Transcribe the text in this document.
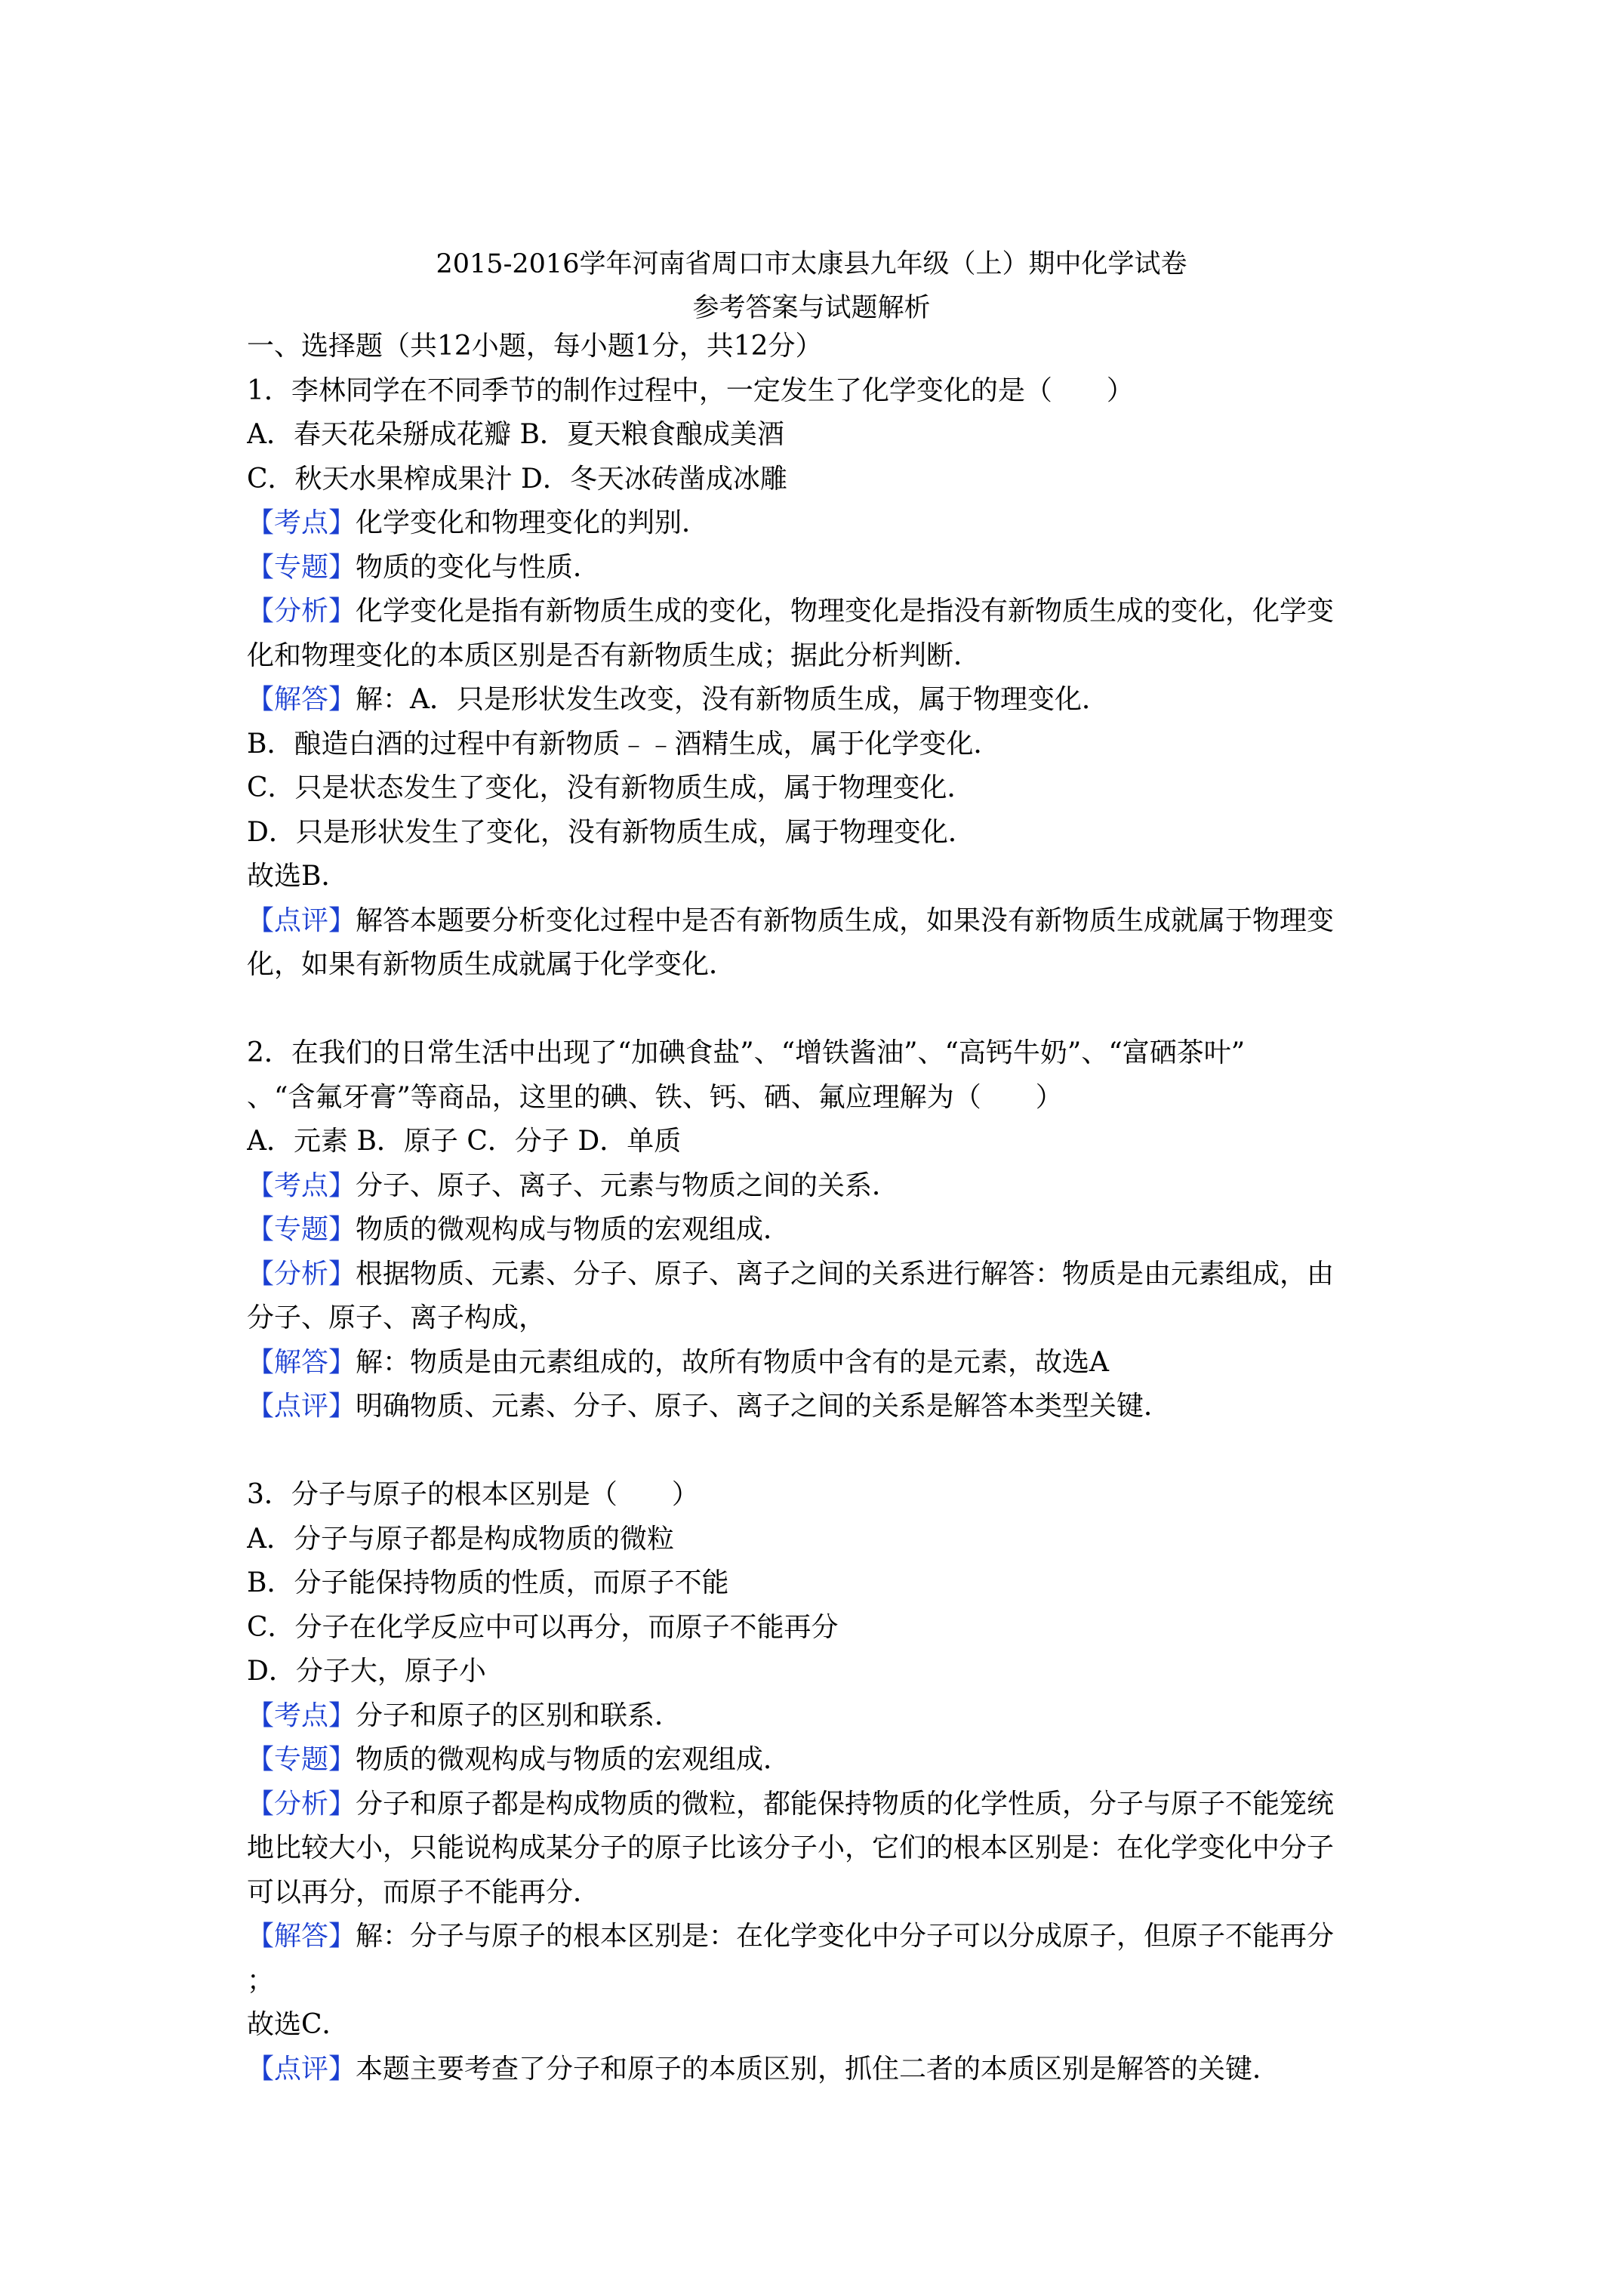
2015-2016学年河南省周口市太康县九年级（上）期中化学试卷
参考答案与试题解析
一、选择题（共12小题，每小题1分，共12分）
1．李林同学在不同季节的制作过程中，一定发生了化学变化的是（　　）
A．春天花朵掰成花瓣 B．夏天粮食酿成美酒
C．秋天水果榨成果汁 D．冬天冰砖凿成冰雕
【考点】化学变化和物理变化的判别．
【专题】物质的变化与性质．
【分析】化学变化是指有新物质生成的变化，物理变化是指没有新物质生成的变化，化学变
化和物理变化的本质区别是否有新物质生成；据此分析判断．
【解答】解：A．只是形状发生改变，没有新物质生成，属于物理变化．
B．酿造白酒的过程中有新物质﹣﹣酒精生成，属于化学变化．
C．只是状态发生了变化，没有新物质生成，属于物理变化．
D．只是形状发生了变化，没有新物质生成，属于物理变化．
故选B．
【点评】解答本题要分析变化过程中是否有新物质生成，如果没有新物质生成就属于物理变
化，如果有新物质生成就属于化学变化．
2．在我们的日常生活中出现了“加碘食盐”、“增铁酱油”、“高钙牛奶”、“富硒茶叶”
、“含氟牙膏”等商品，这里的碘、铁、钙、硒、氟应理解为（　　）
A．元素 B．原子 C．分子 D．单质
【考点】分子、原子、离子、元素与物质之间的关系．
【专题】物质的微观构成与物质的宏观组成．
【分析】根据物质、元素、分子、原子、离子之间的关系进行解答：物质是由元素组成，由
分子、原子、离子构成，
【解答】解：物质是由元素组成的，故所有物质中含有的是元素，故选A
【点评】明确物质、元素、分子、原子、离子之间的关系是解答本类型关键．
3．分子与原子的根本区别是（　　）
A．分子与原子都是构成物质的微粒
B．分子能保持物质的性质，而原子不能
C．分子在化学反应中可以再分，而原子不能再分
D．分子大，原子小
【考点】分子和原子的区别和联系．
【专题】物质的微观构成与物质的宏观组成．
【分析】分子和原子都是构成物质的微粒，都能保持物质的化学性质，分子与原子不能笼统
地比较大小，只能说构成某分子的原子比该分子小，它们的根本区别是：在化学变化中分子
可以再分，而原子不能再分．
【解答】解：分子与原子的根本区别是：在化学变化中分子可以分成原子，但原子不能再分
；
故选C．
【点评】本题主要考查了分子和原子的本质区别，抓住二者的本质区别是解答的关键．
